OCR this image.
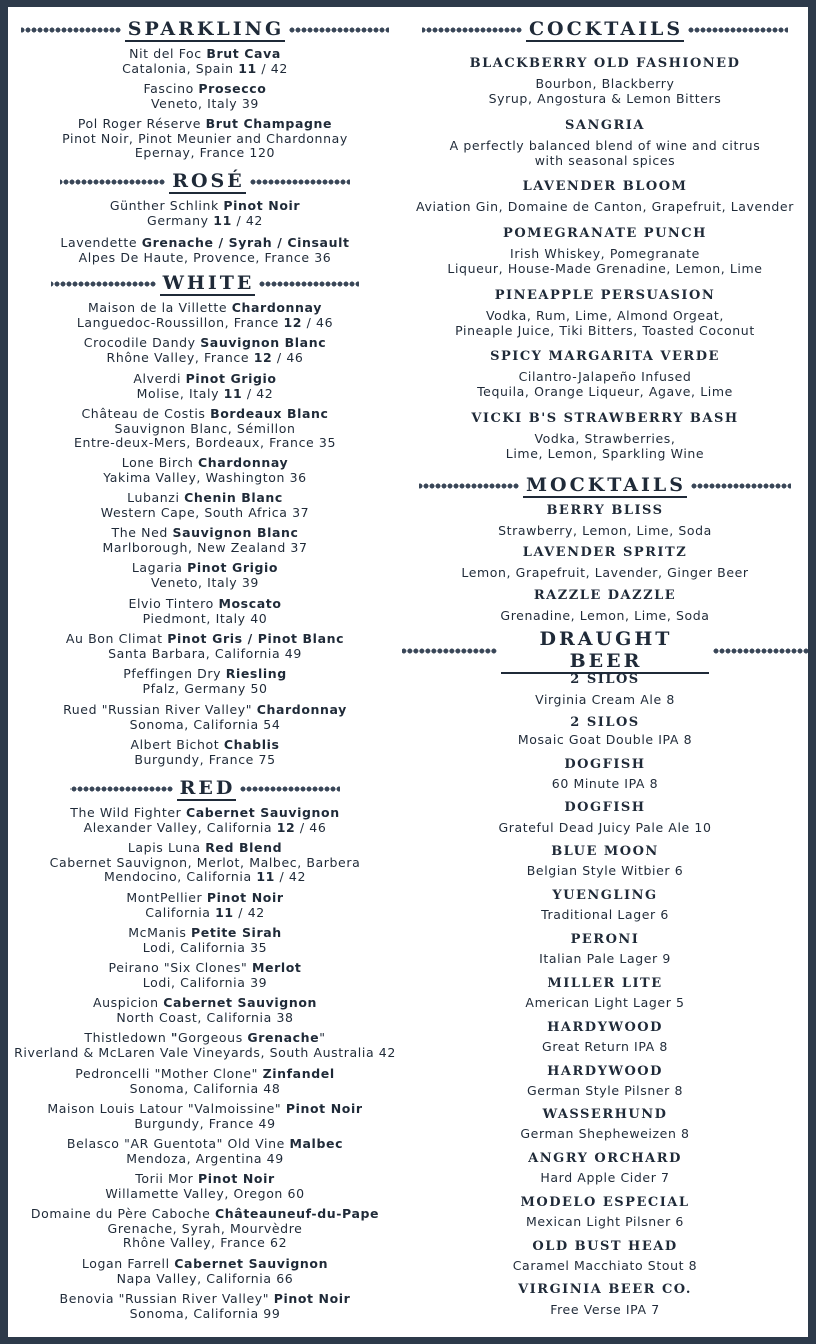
SPARKLING
Nit del Foc Brut Cava
Catalonia, Spain 11 / 42
Fascino Prosecco
Veneto, Italy 39
Pol Roger Réserve Brut Champagne
Pinot Noir, Pinot Meunier and Chardonnay
Epernay, France 120
ROSÉ
Günther Schlink Pinot Noir
Germany 11 / 42
Lavendette Grenache / Syrah / Cinsault
Alpes De Haute, Provence, France 36
WHITE
Maison de la Villette Chardonnay
Languedoc-Roussillon, France 12 / 46
Crocodile Dandy Sauvignon Blanc
Rhône Valley, France 12 / 46
Alverdi Pinot Grigio
Molise, Italy 11 / 42
Château de Costis Bordeaux Blanc
Sauvignon Blanc, Sémillon
Entre-deux-Mers, Bordeaux, France 35
Lone Birch Chardonnay
Yakima Valley, Washington 36
Lubanzi Chenin Blanc
Western Cape, South Africa 37
The Ned Sauvignon Blanc
Marlborough, New Zealand 37
Lagaria Pinot Grigio
Veneto, Italy 39
Elvio Tintero Moscato
Piedmont, Italy 40
Au Bon Climat Pinot Gris / Pinot Blanc
Santa Barbara, California 49
Pfeffingen Dry Riesling
Pfalz, Germany 50
Rued "Russian River Valley" Chardonnay
Sonoma, California 54
Albert Bichot Chablis
Burgundy, France 75
RED
The Wild Fighter Cabernet Sauvignon
Alexander Valley, California 12 / 46
Lapis Luna Red Blend
Cabernet Sauvignon, Merlot, Malbec, Barbera
Mendocino, California 11 / 42
MontPellier Pinot Noir
California 11 / 42
McManis Petite Sirah
Lodi, California 35
Peirano "Six Clones" Merlot
Lodi, California 39
Auspicion Cabernet Sauvignon
North Coast, California 38
Thistledown "Gorgeous Grenache"
Riverland & McLaren Vale Vineyards, South Australia 42
Pedroncelli "Mother Clone" Zinfandel
Sonoma, California 48
Maison Louis Latour "Valmoissine" Pinot Noir
Burgundy, France 49
Belasco "AR Guentota" Old Vine Malbec
Mendoza, Argentina 49
Torii Mor Pinot Noir
Willamette Valley, Oregon 60
Domaine du Père Caboche Châteauneuf-du-Pape
Grenache, Syrah, Mourvèdre
Rhône Valley, France 62
Logan Farrell Cabernet Sauvignon
Napa Valley, California 66
Benovia "Russian River Valley" Pinot Noir
Sonoma, California 99
COCKTAILS
BLACKBERRY OLD FASHIONED
Bourbon, Blackberry
Syrup, Angostura & Lemon Bitters
SANGRIA
A perfectly balanced blend of wine and citrus
with seasonal spices
LAVENDER BLOOM
Aviation Gin, Domaine de Canton, Grapefruit, Lavender
POMEGRANATE PUNCH
Irish Whiskey, Pomegranate
Liqueur, House-Made Grenadine, Lemon, Lime
PINEAPPLE PERSUASION
Vodka, Rum, Lime, Almond Orgeat,
Pineaple Juice, Tiki Bitters, Toasted Coconut
SPICY MARGARITA VERDE
Cilantro-Jalapeño Infused
Tequila, Orange Liqueur, Agave, Lime
VICKI B'S STRAWBERRY BASH
Vodka, Strawberries,
Lime, Lemon, Sparkling Wine
MOCKTAILS
BERRY BLISS
Strawberry, Lemon, Lime, Soda
LAVENDER SPRITZ
Lemon, Grapefruit, Lavender, Ginger Beer
RAZZLE DAZZLE
Grenadine, Lemon, Lime, Soda
DRAUGHT BEER
2 SILOS
Virginia Cream Ale 8
2 SILOS
Mosaic Goat Double IPA 8
DOGFISH
60 Minute IPA 8
DOGFISH
Grateful Dead Juicy Pale Ale 10
BLUE MOON
Belgian Style Witbier 6
YUENGLING
Traditional Lager 6
PERONI
Italian Pale Lager 9
MILLER LITE
American Light Lager 5
HARDYWOOD
Great Return IPA 8
HARDYWOOD
German Style Pilsner 8
WASSERHUND
German Shepheweizen 8
ANGRY ORCHARD
Hard Apple Cider 7
MODELO ESPECIAL
Mexican Light Pilsner 6
OLD BUST HEAD
Caramel Macchiato Stout 8
VIRGINIA BEER CO.
Free Verse IPA 7
